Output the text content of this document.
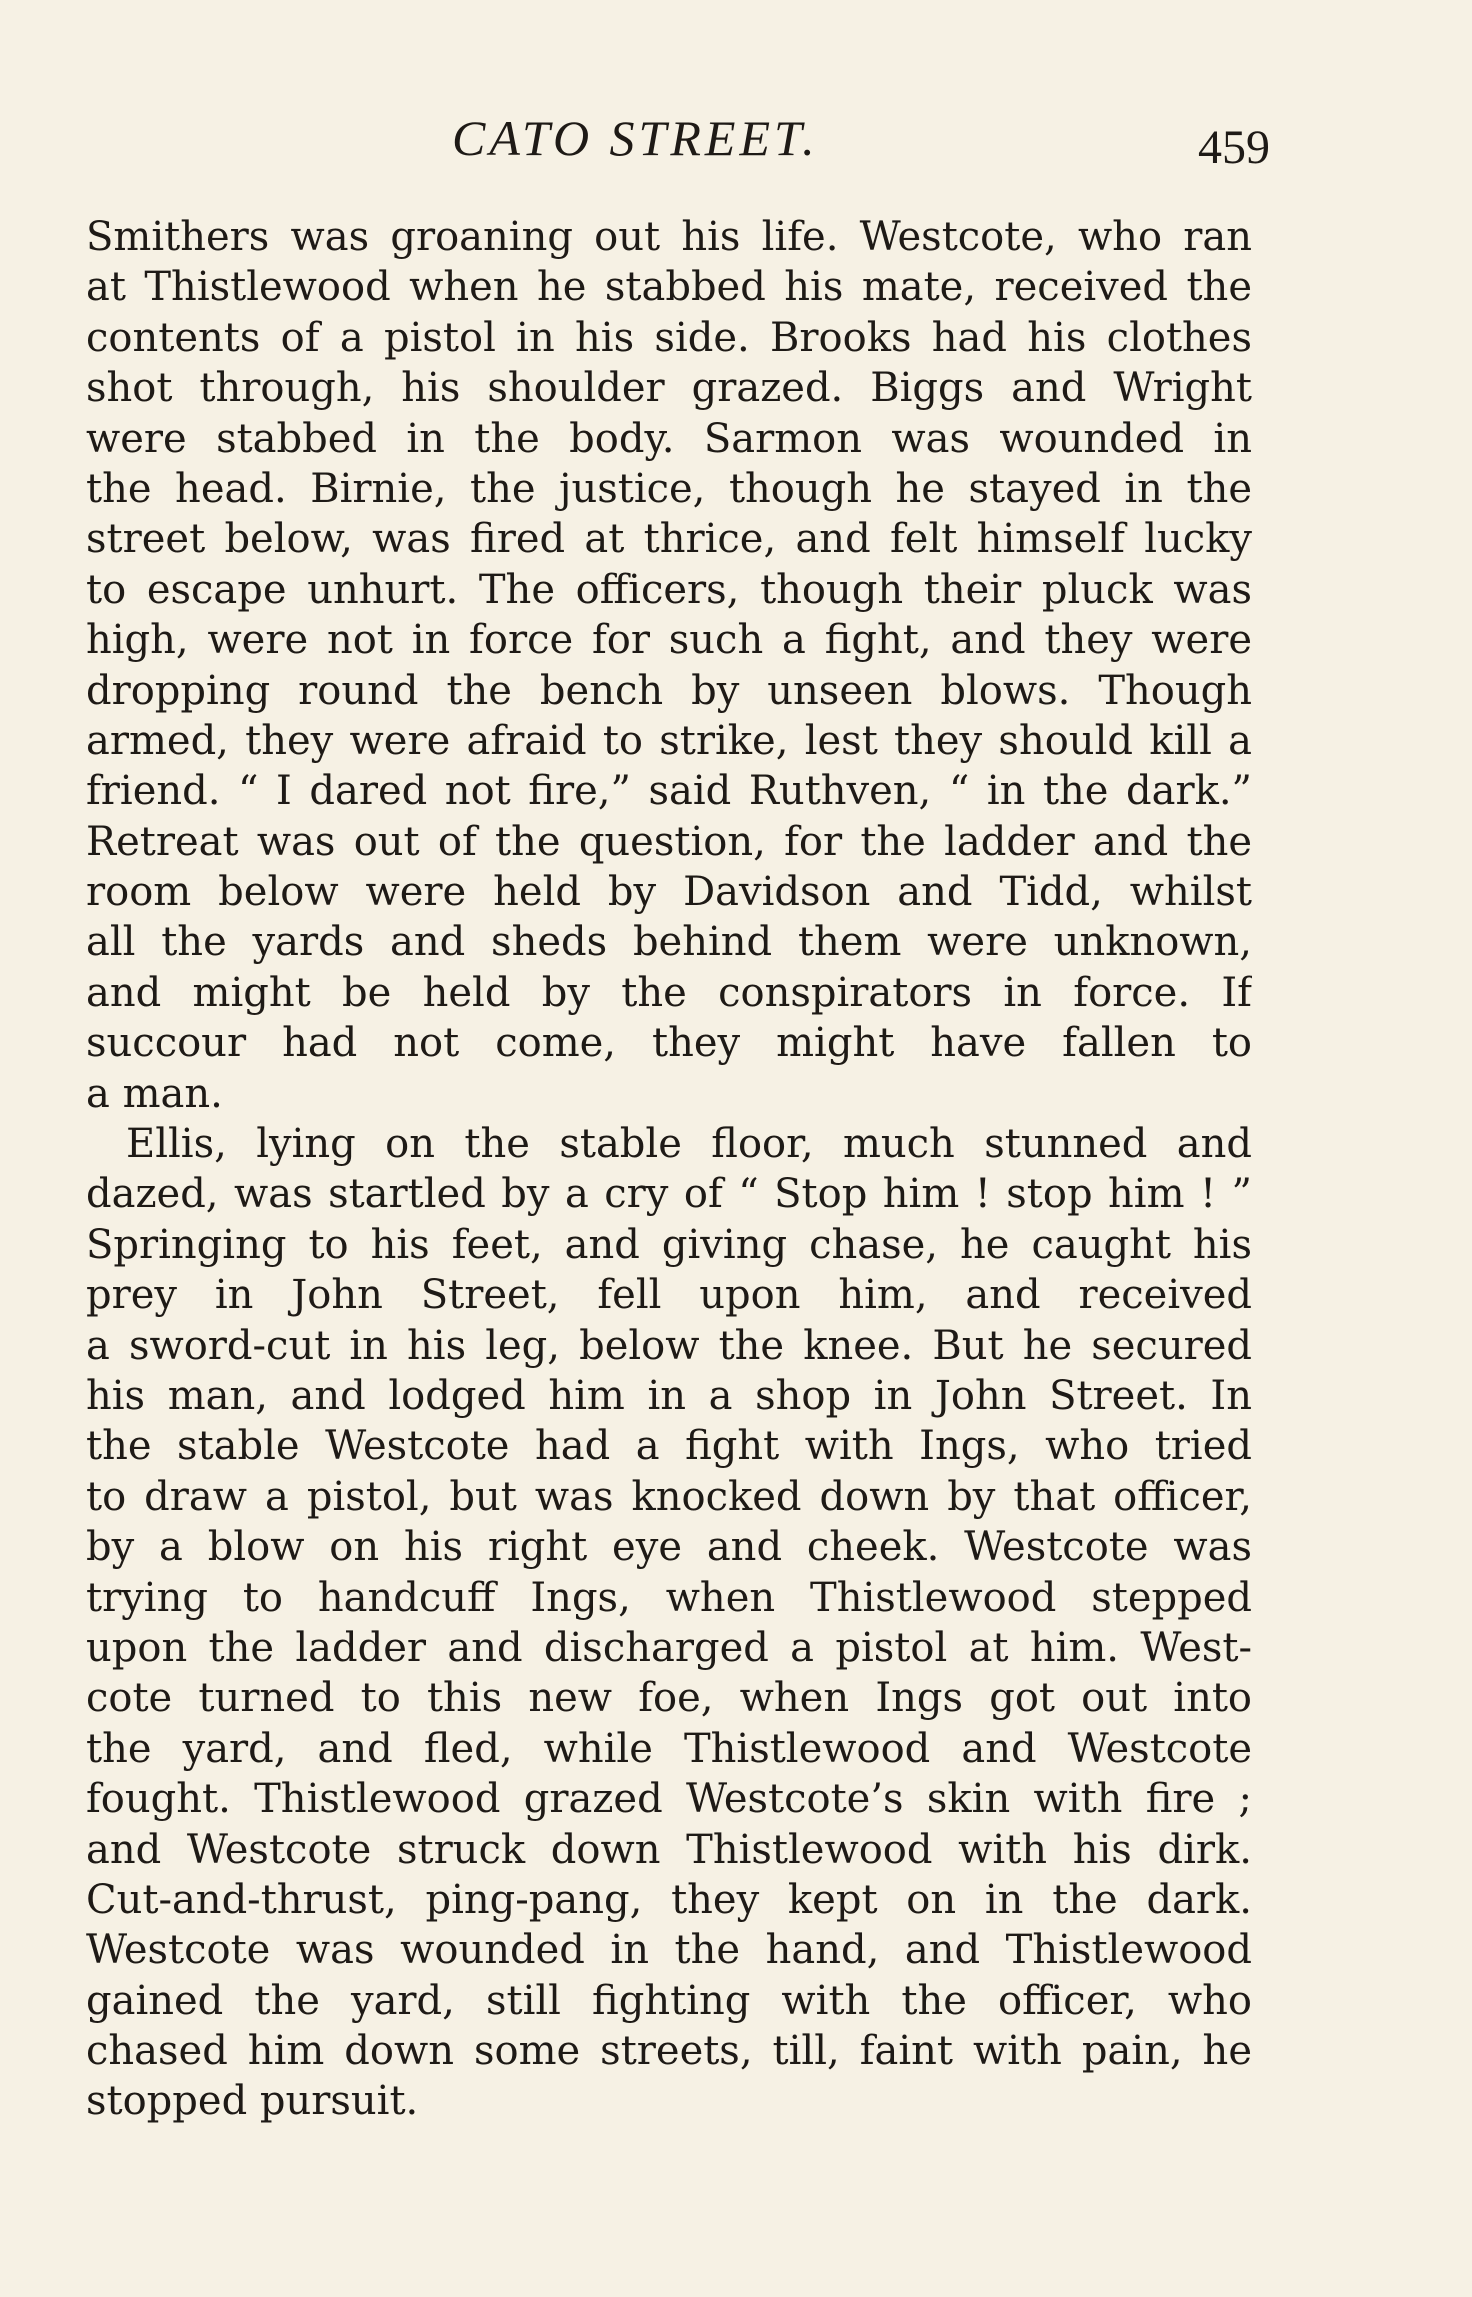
CATO STREET.	459
Smithers was groaning out his life. Westcote, who ran
at Thistlewood when he stabbed his mate, received the
contents of a pistol in his side. Brooks had his clothes
shot through, his shoulder grazed. Biggs and Wright
were stabbed in the body. Sarmon was wounded in
the head. Birnie, the justice, though he stayed in the
street below, was fired at thrice, and felt himself lucky
to escape unhurt. The officers, though their pluck was
high, were not in force for such a fight, and they were
dropping round the bench by unseen blows. Though
armed, they were afraid to strike, lest they should kill a
friend. “ I dared not fire,” said Ruthven, “ in the dark.”
Retreat was out of the question, for the ladder and the
room below were held by Davidson and Tidd, whilst
all the yards and sheds behind them were unknown,
and might be held by the conspirators in force. If
succour had not come, they might have fallen to
a man.
Ellis, lying on the stable floor, much stunned and
dazed, was startled by a cry of “ Stop him ! stop him ! ”
Springing to his feet, and giving chase, he caught his
prey in John Street, fell upon him, and received
a sword-cut in his leg, below the knee. But he secured
his man, and lodged him in a shop in John Street. In
the stable Westcote had a fight with Ings, who tried
to draw a pistol, but was knocked down by that officer,
by a blow on his right eye and cheek. Westcote was
trying to handcuff Ings, when Thistlewood stepped
upon the ladder and discharged a pistol at him. West-
cote turned to this new foe, when Ings got out into
the yard, and fled, while Thistlewood and Westcote
fought. Thistlewood grazed Westcote’s skin with fire ;
and Westcote struck down Thistlewood with his dirk.
Cut-and-thrust, ping-pang, they kept on in the dark.
Westcote was wounded in the hand, and Thistlewood
gained the yard, still fighting with the officer, who
chased him down some streets, till, faint with pain, he
stopped pursuit.
